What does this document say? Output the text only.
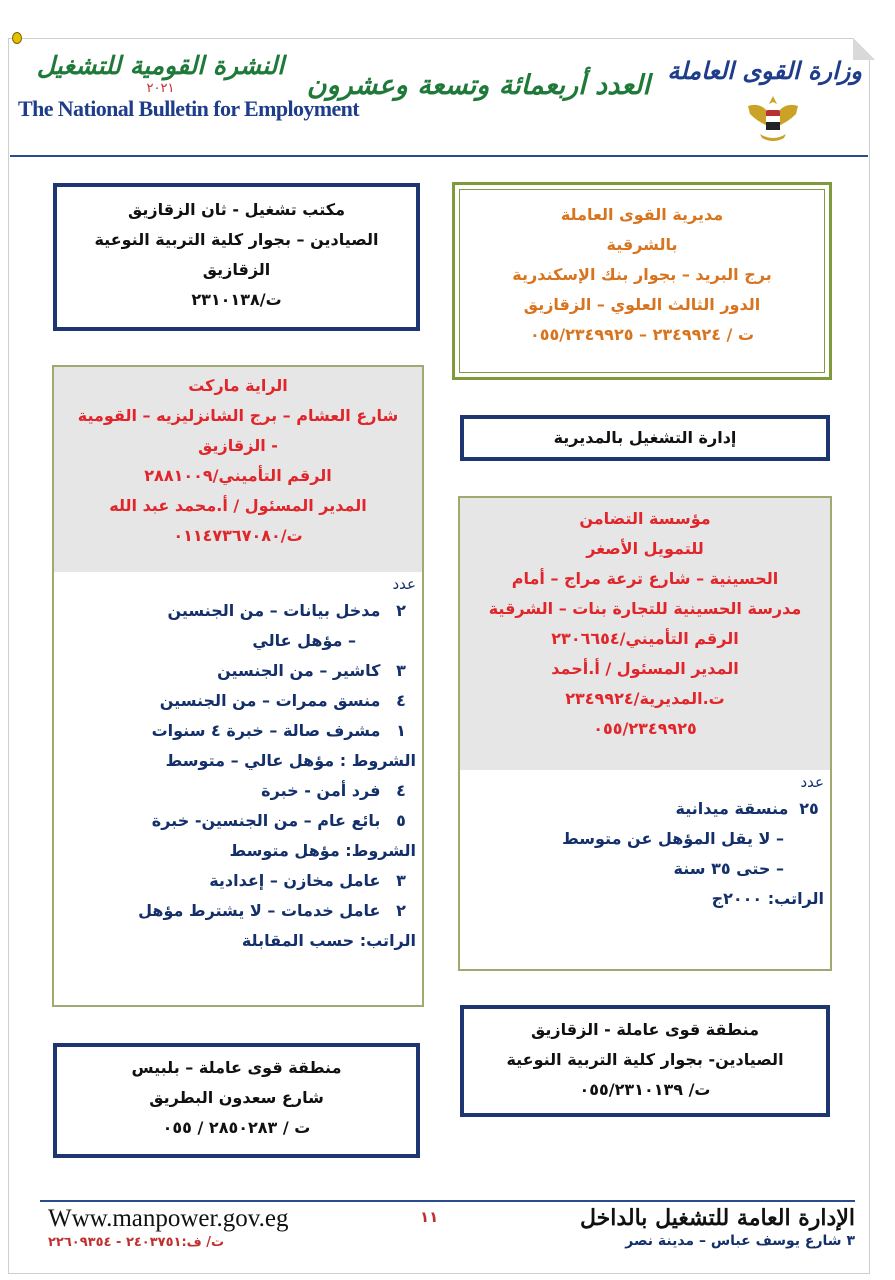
النشرة القومية للتشغيل
٢٠٢١
The National Bulletin for Employment
العدد أربعمائة وتسعة وعشرون وزارة القوى العاملة
مديرية القوى العاملة
بالشرقية
برج البريد – بجوار بنك الإسكندرية
الدور الثالث العلوي – الزقازيق
ت / ٢٣٤٩٩٢٤ – ٠٥٥/٢٣٤٩٩٢٥
مكتب تشغيل - ثان الزقازيق
الصيادين – بجوار كلية التربية النوعية
الزقازيق
ت/٢٣١٠١٣٨
الراية ماركت
شارع العشام – برج الشانزليزيه – القومية
- الزقازيق
الرقم التأميني/٢٨٨١٠٠٩
المدير المسئول / أ.محمد عبد الله
ت/٠١١٤٧٣٦٧٠٨٠
عدد
٢ مدخل بيانات – من الجنسين
– مؤهل عالي
٣ كاشير – من الجنسين
٤ منسق ممرات – من الجنسين
١ مشرف صالة – خبرة ٤ سنوات
الشروط : مؤهل عالي – متوسط
٤ فرد أمن - خبرة
٥ بائع عام – من الجنسين- خبرة
الشروط: مؤهل متوسط
٣ عامل مخازن – إعدادية
٢ عامل خدمات – لا يشترط مؤهل
الراتب: حسب المقابلة
إدارة التشغيل بالمديرية
مؤسسة التضامن
للتمويل الأصغر
الحسينية – شارع ترعة مراج – أمام
مدرسة الحسينية للتجارة بنات – الشرقية
الرقم التأميني/٢٣٠٦٦٥٤
المدير المسئول / أ.أحمد
ت.المديرية/٢٣٤٩٩٢٤
٠٥٥/٢٣٤٩٩٢٥
عدد
٢٥ منسقة ميدانية
– لا يقل المؤهل عن متوسط
– حتى ٣٥ سنة
الراتب: ٢٠٠٠ج
منطقة قوى عاملة - الزقازيق
الصيادين- بجوار كلية التربية النوعية
ت/ ٠٥٥/٢٣١٠١٣٩
منطقة قوى عاملة – بلبيس
شارع سعدون البطريق
ت / ٢٨٥٠٢٨٣ / ٠٥٥
الإدارة العامة للتشغيل بالداخل
٣ شارع يوسف عباس – مدينة نصر
١١
Www.manpower.gov.eg
ت/ ف:٢٤٠٣٧٥١ - ٢٢٦٠٩٣٥٤
